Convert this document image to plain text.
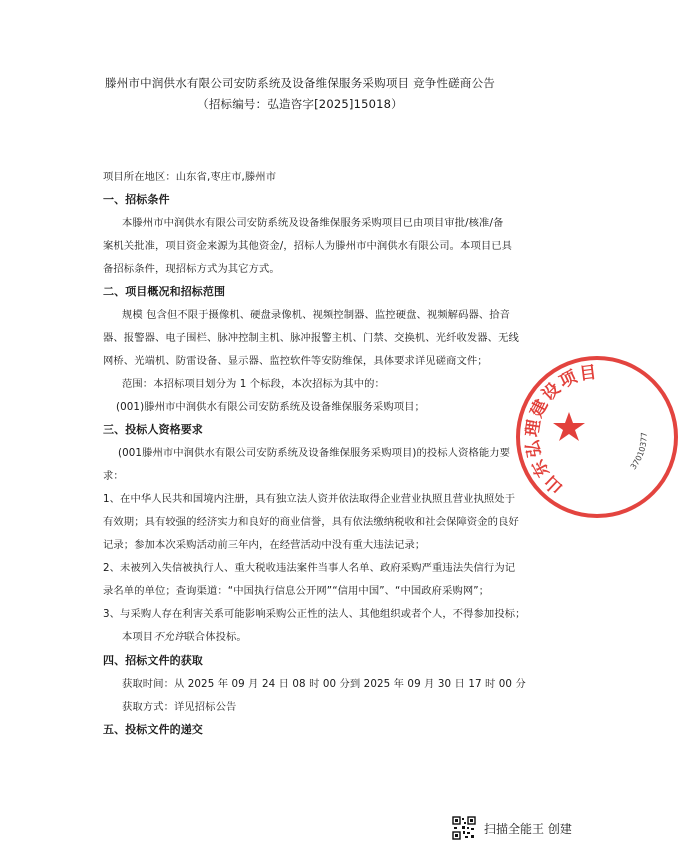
滕州市中润供水有限公司安防系统及设备维保服务采购项目 竞争性磋商公告
（招标编号：弘造咨字[2025]15018）
项目所在地区：山东省,枣庄市,滕州市
一、招标条件
本滕州市中润供水有限公司安防系统及设备维保服务采购项目已由项目审批/核准/备
案机关批准，项目资金来源为其他资金/，招标人为滕州市中润供水有限公司。本项目已具
备招标条件，现招标方式为其它方式。
二、项目概况和招标范围
规模 包含但不限于摄像机、硬盘录像机、视频控制器、监控硬盘、视频解码器、拾音
器、报警器、电子围栏、脉冲控制主机、脉冲报警主机、门禁、交换机、光纤收发器、无线
网桥、光端机、防雷设备、显示器、监控软件等安防维保，具体要求详见磋商文件；
范围：本招标项目划分为 1 个标段，本次招标为其中的：
(001)滕州市中润供水有限公司安防系统及设备维保服务采购项目；
三、投标人资格要求
(001滕州市中润供水有限公司安防系统及设备维保服务采购项目)的投标人资格能力要
求：
1、在中华人民共和国境内注册，具有独立法人资并依法取得企业营业执照且营业执照处于
有效期；具有较强的经济实力和良好的商业信誉，具有依法缴纳税收和社会保障资金的良好
记录；参加本次采购活动前三年内，在经营活动中没有重大违法记录；
2、未被列入失信被执行人、重大税收违法案件当事人名单、政府采购严重违法失信行为记
录名单的单位；查询渠道：“中国执行信息公开网”“信用中国”、“中国政府采购网”；
3、与采购人存在利害关系可能影响采购公正性的法人、其他组织或者个人，不得参加投标；
本项目不允许联合体投标。
四、招标文件的获取
获取时间：从 2025 年 09 月 24 日 08 时 00 分到 2025 年 09 月 30 日 17 时 00 分
获取方式：详见招标公告
五、投标文件的递交
山东弘理建设项目
37010377
扫描全能王 创建
